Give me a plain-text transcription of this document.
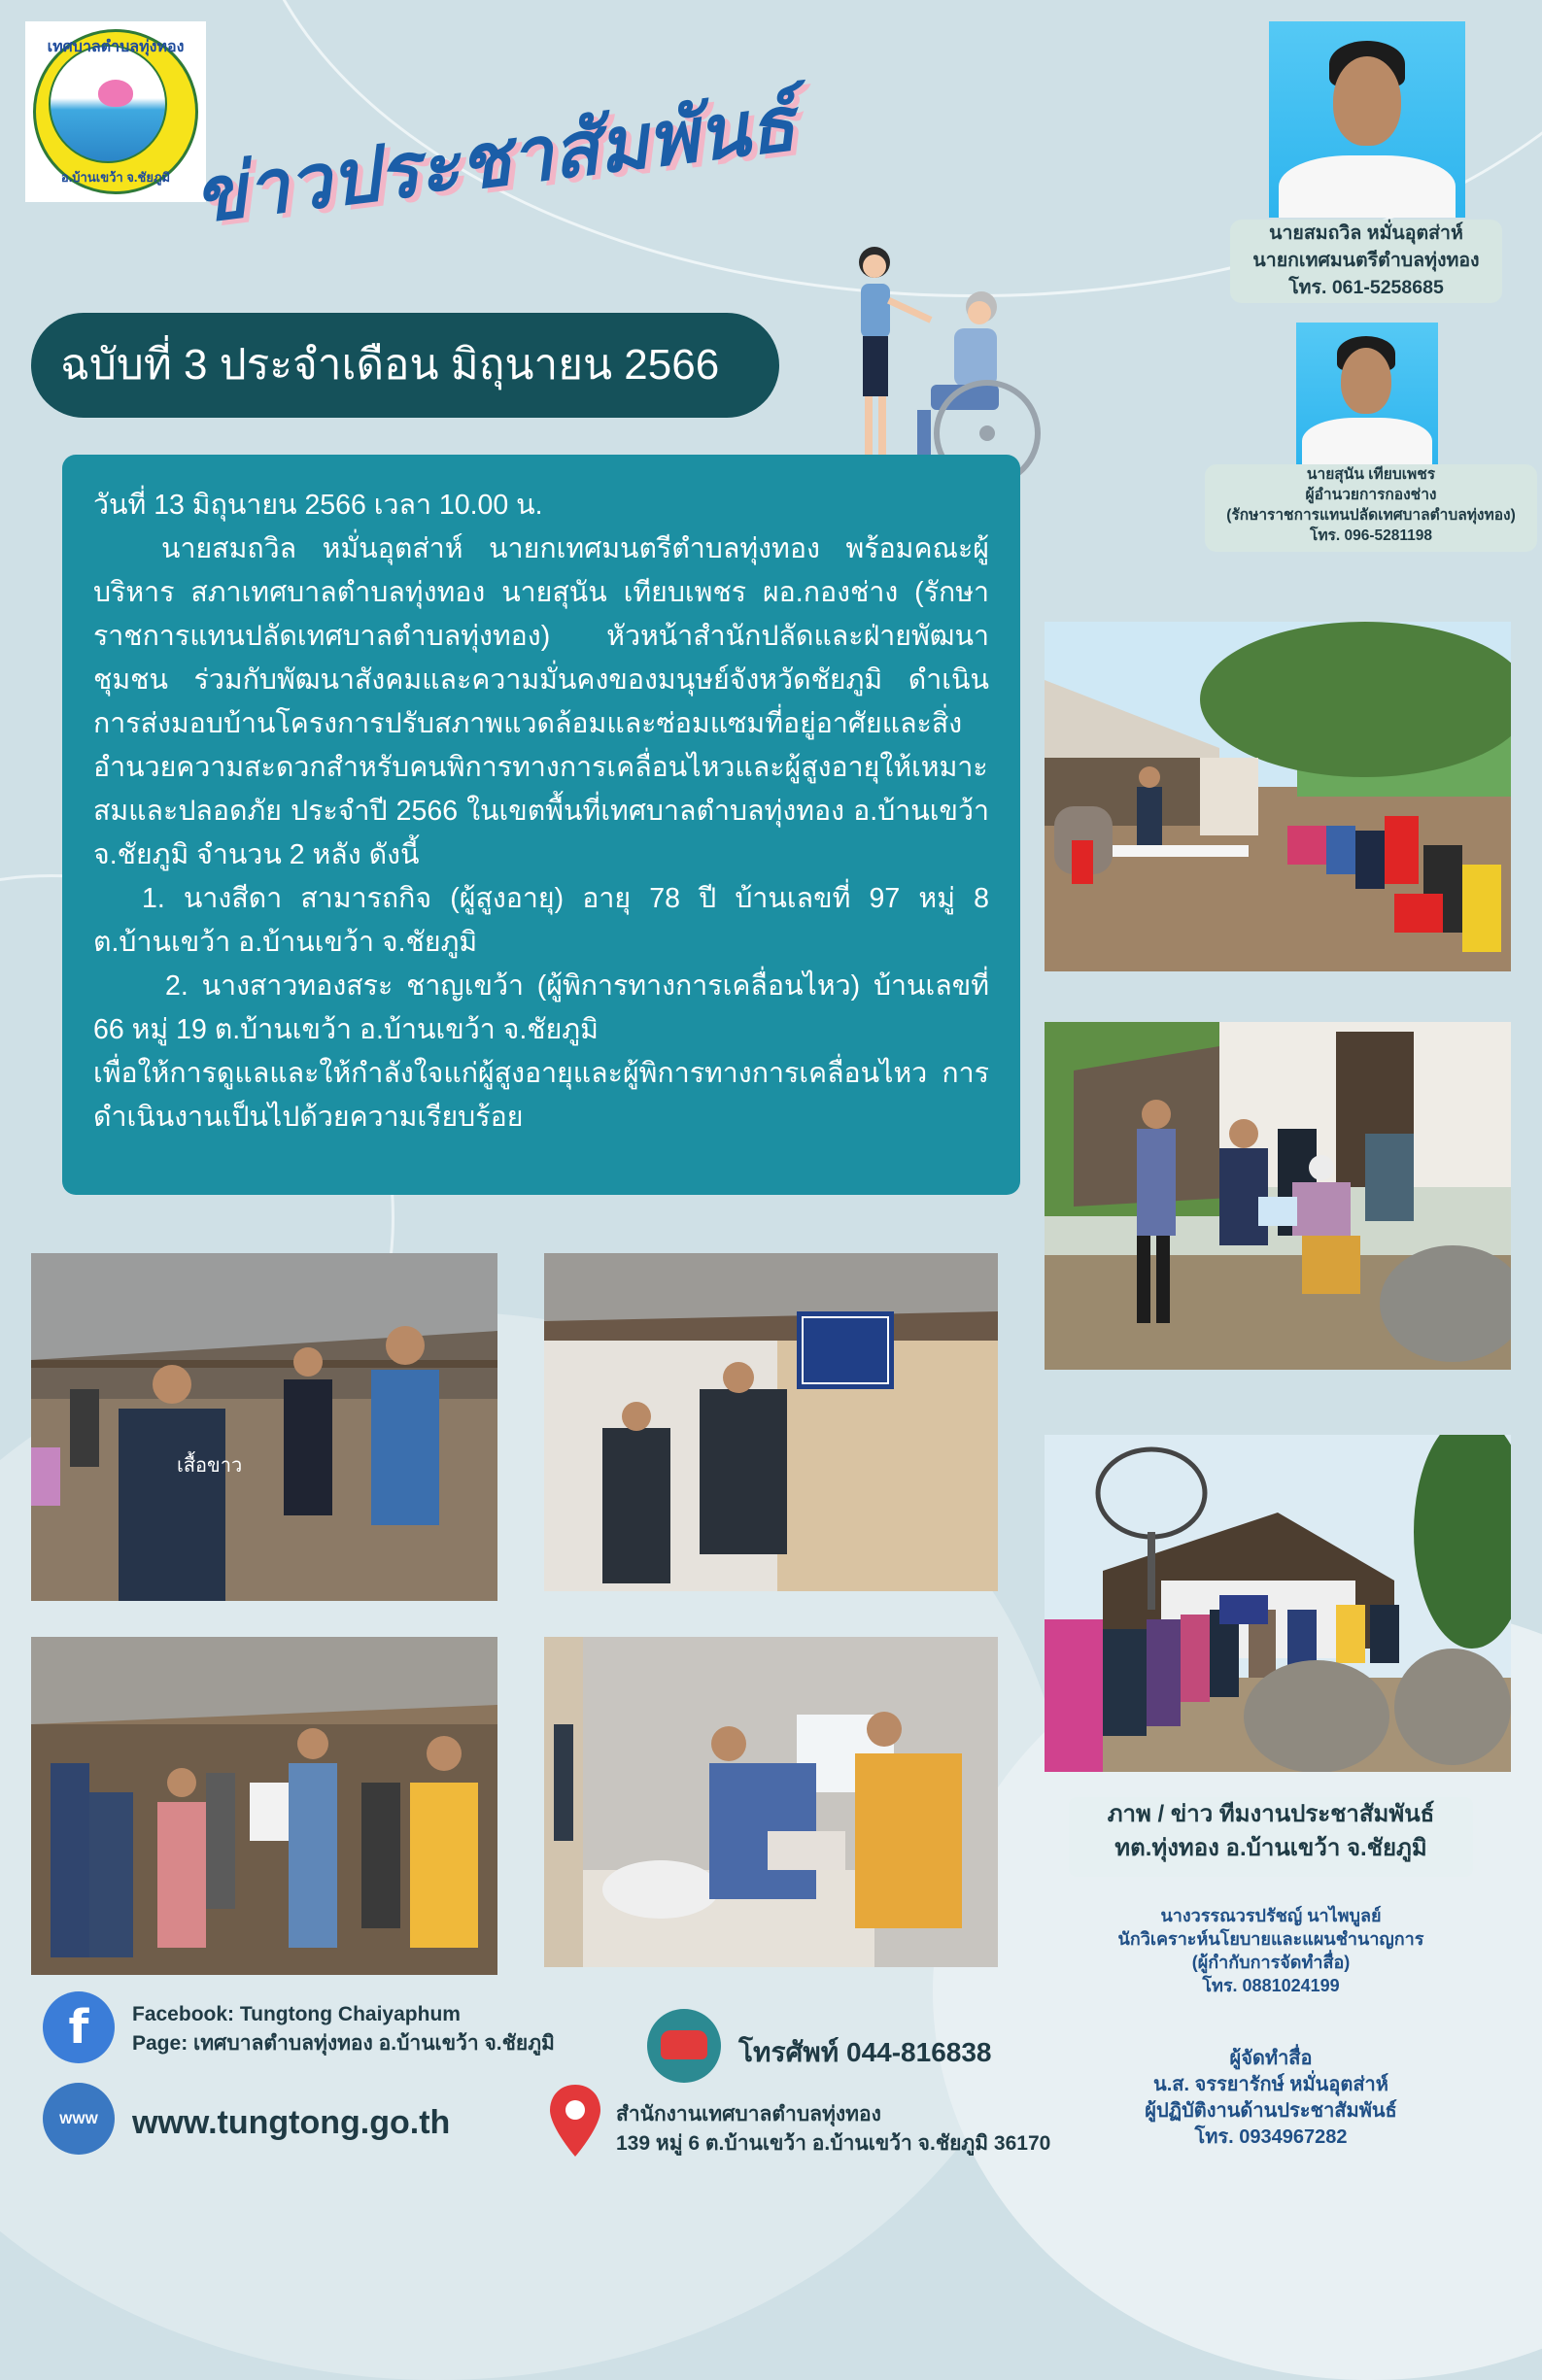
เทศบาลตำบลทุ่งทอง
อ.บ้านเขว้า จ.ชัยภูมิ ข่าวประชาสัมพันธ์
ฉบับที่ 3 ประจำเดือน มิถุนายน 2566

วันที่ 13 มิถุนายน 2566 เวลา 10.00 น.

นายสมถวิล หมั่นอุตส่าห์ นายกเทศมนตรีตำบลทุ่งทอง พร้อมคณะผู้บริหาร สภาเทศบาลตำบลทุ่งทอง นายสุนัน เทียบเพชร ผอ.กองช่าง (รักษาราชการแทนปลัดเทศบาลตำบลทุ่งทอง) หัวหน้าสำนักปลัดและฝ่ายพัฒนาชุมชน ร่วมกับพัฒนาสังคมและความมั่นคงของมนุษย์จังหวัดชัยภูมิ ดำเนินการส่งมอบบ้านโครงการปรับสภาพแวดล้อมและซ่อมแซมที่อยู่อาศัยและสิ่งอำนวยความสะดวกสำหรับคนพิการทางการเคลื่อนไหวและผู้สูงอายุให้เหมาะสมและปลอดภัย ประจำปี 2566 ในเขตพื้นที่เทศบาลตำบลทุ่งทอง อ.บ้านเขว้า จ.ชัยภูมิ จำนวน 2 หลัง ดังนี้

1. นางสีดา สามารถกิจ (ผู้สูงอายุ) อายุ 78 ปี บ้านเลขที่ 97 หมู่ 8 ต.บ้านเขว้า อ.บ้านเขว้า จ.ชัยภูมิ

2. นางสาวทองสระ ชาญเขว้า (ผู้พิการทางการเคลื่อนไหว) บ้านเลขที่ 66 หมู่ 19 ต.บ้านเขว้า อ.บ้านเขว้า จ.ชัยภูมิ

เพื่อให้การดูแลและให้กำลังใจแก่ผู้สูงอายุและผู้พิการทางการเคลื่อนไหว การดำเนินงานเป็นไปด้วยความเรียบร้อย

นายสมถวิล หมั่นอุตส่าห์
นายกเทศมนตรีตำบลทุ่งทอง
โทร. 061-5258685
นายสุนัน เทียบเพชร
ผู้อำนวยการกองช่าง
(รักษาราชการแทนปลัดเทศบาลตำบลทุ่งทอง)
โทร. 096-5281198
ภาพ / ข่าว ทีมงานประชาสัมพันธ์
ทต.ทุ่งทอง อ.บ้านเขว้า จ.ชัยภูมิ
นางวรรณวรปรัชญ์ นาไพบูลย์
นักวิเคราะห์นโยบายและแผนชำนาญการ
(ผู้กำกับการจัดทำสื่อ)
โทร. 0881024199
ผู้จัดทำสื่อ
น.ส. จรรยารักษ์ หมั่นอุตส่าห์
ผู้ปฏิบัติงานด้านประชาสัมพันธ์
โทร. 0934967282
เสื้อขาว
f	Facebook: Tungtong Chaiyaphum
Page: เทศบาลตำบลทุ่งทอง อ.บ้านเขว้า จ.ชัยภูมิ	โทรศัพท์ 044-816838
WWW	www.tungtong.go.th	สำนักงานเทศบาลตำบลทุ่งทอง
139 หมู่ 6 ต.บ้านเขว้า อ.บ้านเขว้า จ.ชัยภูมิ 36170
